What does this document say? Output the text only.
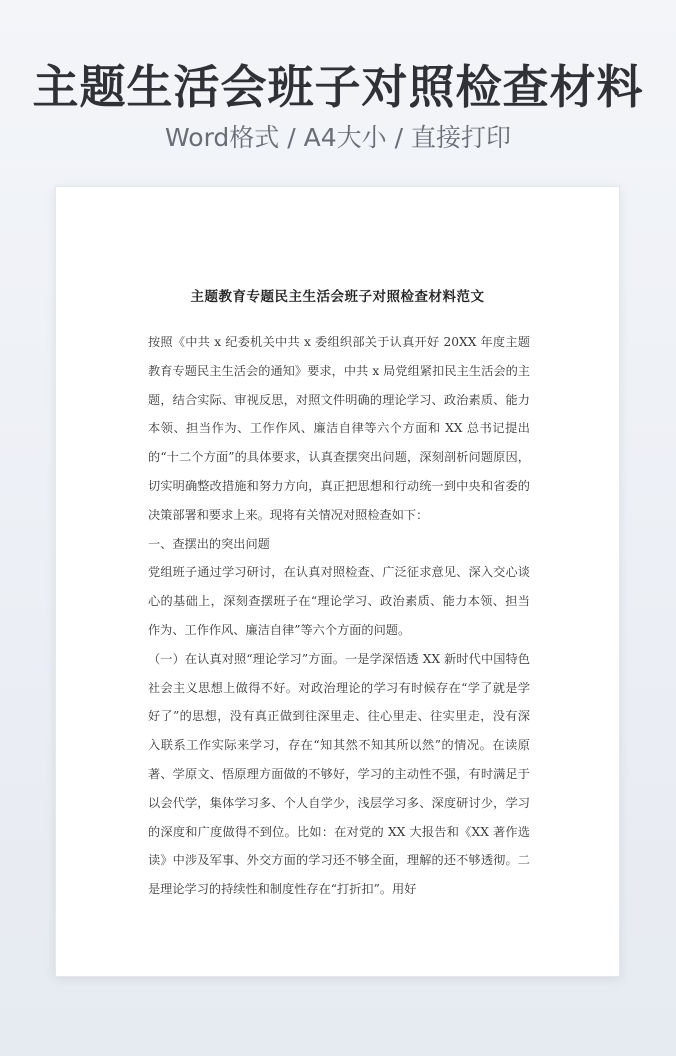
主题生活会班子对照检查材料
Word格式 / A4大小 / 直接打印
主题教育专题民主生活会班子对照检查材料范文

按照《中共 x 纪委机关中共 x 委组织部关于认真开好 20XX 年度主题教育专题民主生活会的通知》要求，中共 x 局党组紧扣民主生活会的主题，结合实际、审视反思，对照文件明确的理论学习、政治素质、能力本领、担当作为、工作作风、廉洁自律等六个方面和 XX 总书记提出的“十二个方面”的具体要求，认真查摆突出问题，深刻剖析问题原因，切实明确整改措施和努力方向，真正把思想和行动统一到中央和省委的决策部署和要求上来。现将有关情况对照检查如下：

一、查摆出的突出问题

党组班子通过学习研讨，在认真对照检查、广泛征求意见、深入交心谈心的基础上，深刻查摆班子在“理论学习、政治素质、能力本领、担当作为、工作作风、廉洁自律”等六个方面的问题。

（一）在认真对照“理论学习”方面。一是学深悟透 XX 新时代中国特色社会主义思想上做得不好。对政治理论的学习有时候存在“学了就是学好了”的思想，没有真正做到往深里走、往心里走、往实里走，没有深入联系工作实际来学习，存在“知其然不知其所以然”的情况。在读原著、学原文、悟原理方面做的不够好，学习的主动性不强，有时满足于以会代学，集体学习多、个人自学少，浅层学习多、深度研讨少，学习的深度和广度做得不到位。比如：在对党的 XX 大报告和《XX 著作选读》中涉及军事、外交方面的学习还不够全面，理解的还不够透彻。二是理论学习的持续性和制度性存在“打折扣”。用好
